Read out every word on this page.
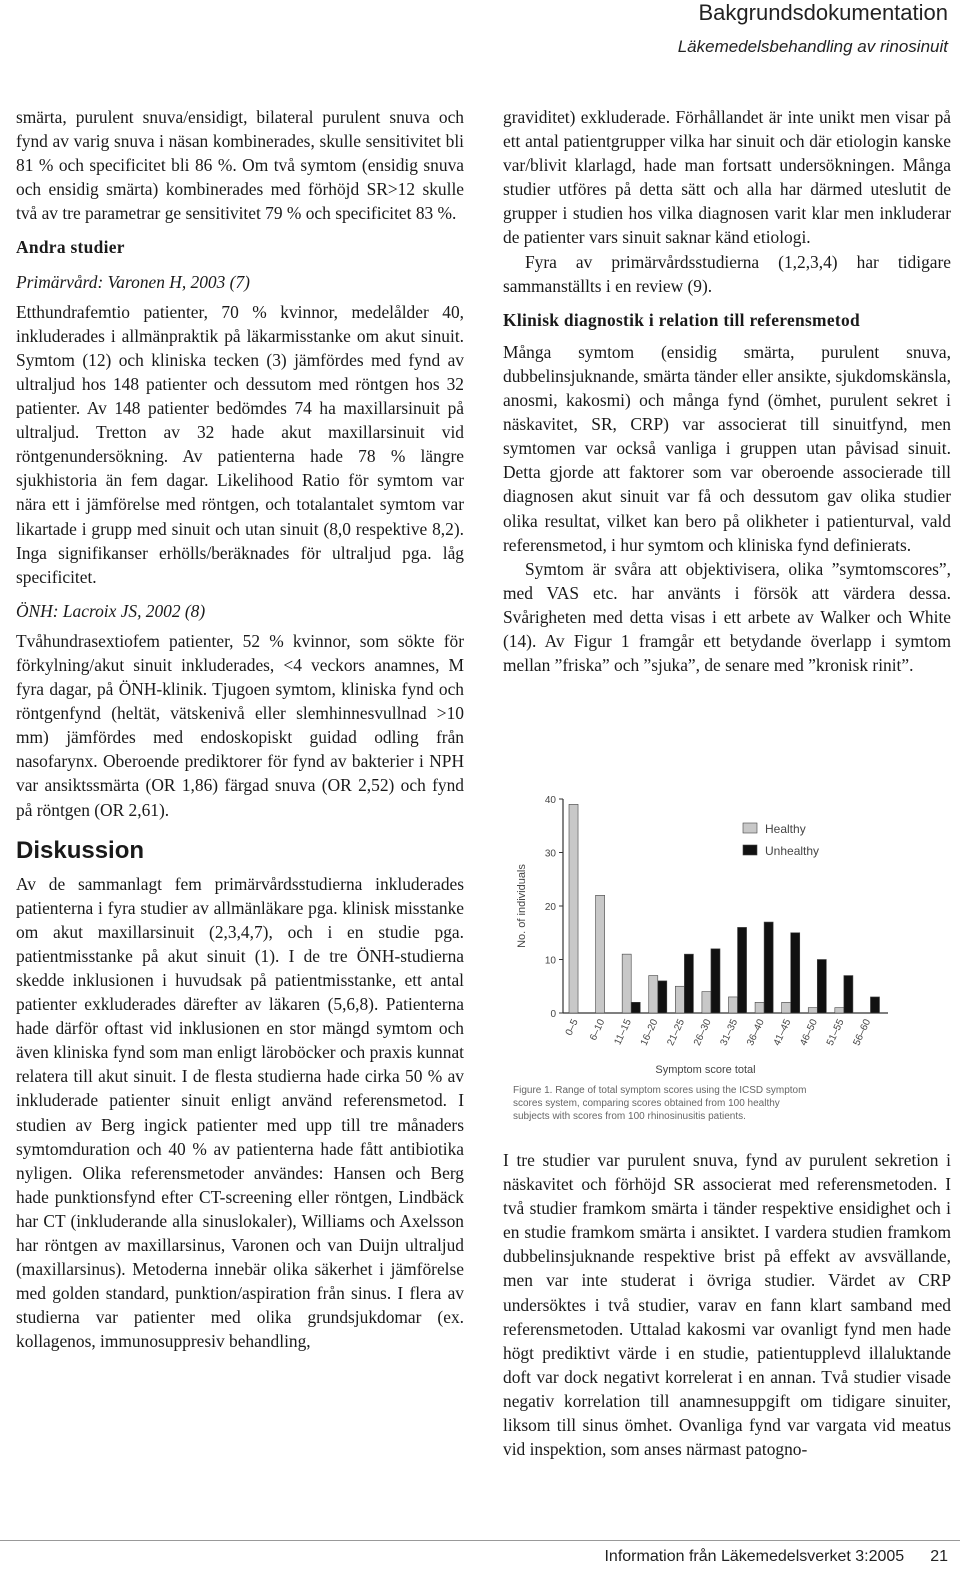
Bakgrundsdokumentation
Läkemedelsbehandling av rinosinuit

smärta, purulent snuva/ensidigt, bilateral purulent snuva och fynd av varig snuva i näsan kombinerades, skulle sensitivitet bli 81 % och specificitet bli 86 %. Om två symtom (ensidig snuva och ensidig smärta) kombinerades med förhöjd SR>12 skulle två av tre parametrar ge sensitivitet 79 % och specificitet 83 %.

Andra studier

Primärvård: Varonen H, 2003 (7)

Etthundrafemtio patienter, 70 % kvinnor, medelålder 40, inkluderades i allmänpraktik på läkarmisstanke om akut sinuit. Symtom (12) och kliniska tecken (3) jämfördes med fynd av ultraljud hos 148 patienter och dessutom med röntgen hos 32 patienter. Av 148 patienter bedömdes 74 ha maxillarsinuit på ultraljud. Tretton av 32 hade akut maxillarsinuit vid röntgenundersökning. Av patienterna hade 78 % längre sjukhistoria än fem dagar. Likelihood Ratio för symtom var nära ett i jämförelse med röntgen, och totalantalet symtom var likartade i grupp med sinuit och utan sinuit (8,0 respektive 8,2). Inga signifikanser erhölls/beräknades för ultraljud pga. låg specificitet.

ÖNH: Lacroix JS, 2002 (8)

Tvåhundrasextiofem patienter, 52 % kvinnor, som sökte för förkylning/akut sinuit inkluderades, <4 veckors anamnes, M fyra dagar, på ÖNH-klinik. Tjugoen symtom, kliniska fynd och röntgenfynd (heltät, vätskenivå eller slemhinnesvullnad >10 mm) jämfördes med endoskopiskt guidad odling från nasofarynx. Oberoende prediktorer för fynd av bakterier i NPH var ansiktssmärta (OR 1,86) färgad snuva (OR 2,52) och fynd på röntgen (OR 2,61).

Diskussion

Av de sammanlagt fem primärvårdsstudierna inkluderades patienterna i fyra studier av allmänläkare pga. klinisk misstanke om akut maxillarsinuit (2,3,4,7), och i en studie pga. patientmisstanke på akut sinuit (1). I de tre ÖNH-studierna skedde inklusionen i huvudsak på patientmisstanke, ett antal patienter exkluderades därefter av läkaren (5,6,8). Patienterna hade därför oftast vid inklusionen en stor mängd symtom och även kliniska fynd som man enligt läroböcker och praxis kunnat relatera till akut sinuit. I de flesta studierna hade cirka 50 % av inkluderade patienter sinuit enligt använd referensmetod. I studien av Berg ingick patienter med upp till tre månaders symtomduration och 40 % av patienterna hade fått antibiotika nyligen. Olika referensmetoder användes: Hansen och Berg hade punktionsfynd efter CT-screening eller röntgen, Lindbäck har CT (inkluderande alla sinuslokaler), Williams och Axelsson har röntgen av maxillarsinus, Varonen och van Duijn ultraljud (maxillarsinus). Metoderna innebär olika säkerhet i jämförelse med golden standard, punktion/aspiration från sinus. I flera av studierna var patienter med olika grundsjukdomar (ex. kollagenos, immunosuppresiv behandling,

graviditet) exkluderade. Förhållandet är inte unikt men visar på ett antal patientgrupper vilka har sinuit och där etiologin kanske var/blivit klarlagd, hade man fortsatt undersökningen. Många studier utföres på detta sätt och alla har därmed uteslutit de grupper i studien hos vilka diagnosen varit klar men inkluderar de patienter vars sinuit saknar känd etiologi.

Fyra av primärvårdsstudierna (1,2,3,4) har tidigare sammanställts i en review (9).

Klinisk diagnostik i relation till referensmetod

Många symtom (ensidig smärta, purulent snuva, dubbelinsjuknande, smärta tänder eller ansikte, sjukdomskänsla, anosmi, kakosmi) och många fynd (ömhet, purulent sekret i näskavitet, SR, CRP) var associerat till sinuitfynd, men symtomen var också vanliga i gruppen utan påvisad sinuit. Detta gjorde att faktorer som var oberoende associerade till diagnosen akut sinuit var få och dessutom gav olika studier olika resultat, vilket kan bero på olikheter i patienturval, vald referensmetod, i hur symtom och kliniska fynd definierats.

Symtom är svåra att objektivisera, olika ”symtomscores”, med VAS etc. har använts i försök att värdera dessa. Svårigheten med detta visas i ett arbete av Walker och White (14). Av Figur 1 framgår ett betydande överlapp i symtom mellan ”friska” och ”sjuka”, de senare med ”kronisk rinit”.

0
10
20
30
40
No. of individuals
0–5 6–10 11–15 16–20 21–25 26–30 31–35 36–40 41–45 46–50 51–55 56–60
Symptom score total
Healthy
Unhealthy
Figure 1. Range of total symptom scores using the ICSD symptom scores system, comparing scores obtained from 100 healthy subjects with scores from 100 rhinosinusitis patients.

I tre studier var purulent snuva, fynd av purulent sekretion i näskavitet och förhöjd SR associerat med referensmetoden. I två studier framkom smärta i tänder respektive ensidighet och i en studie framkom smärta i ansiktet. I vardera studien framkom dubbelinsjuknande respektive brist på effekt av avsvällande, men var inte studerat i övriga studier. Värdet av CRP undersöktes i två studier, varav en fann klart samband med referensmetoden. Uttalad kakosmi var ovanligt fynd men hade högt prediktivt värde i en studie, patientupplevd illaluktande doft var dock negativt korrelerat i en annan. Två studier visade negativ korrelation till anamnesuppgift om tidigare sinuiter, liksom till sinus ömhet. Ovanliga fynd var vargata vid meatus vid inspektion, som anses närmast patogno-

Information från Läkemedelsverket 3:2005 21
